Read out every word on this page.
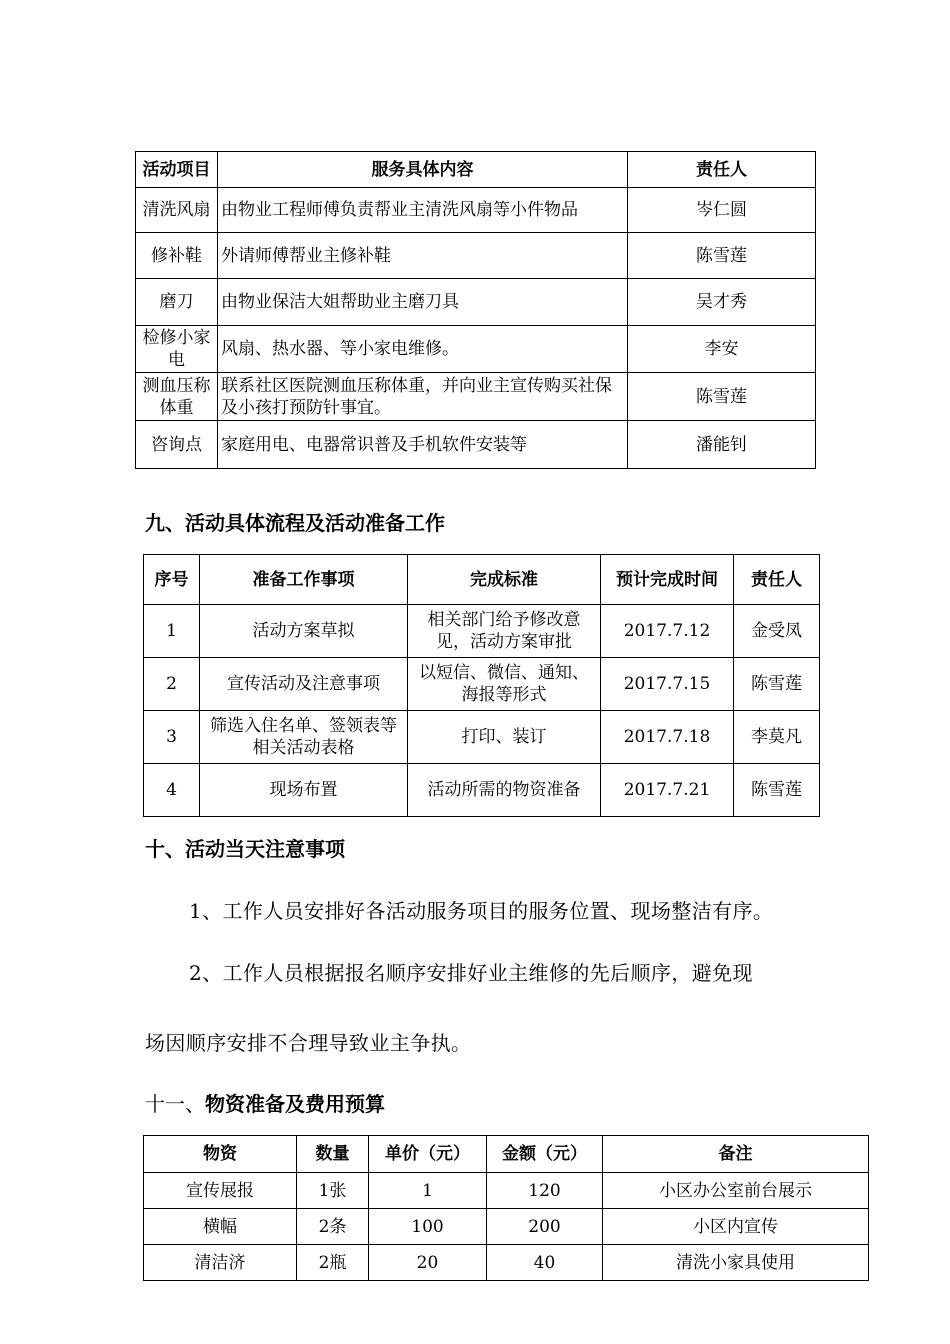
活动项目	服务具体内容	责任人
清洗风扇	由物业工程师傅负责帮业主清洗风扇等小件物品	岑仁圆
修补鞋	外请师傅帮业主修补鞋	陈雪莲
磨刀	由物业保洁大姐帮助业主磨刀具	吴才秀
检修小家电	风扇、热水器、等小家电维修。	李安
测血压称体重	联系社区医院测血压称体重，并向业主宣传购买社保及小孩打预防针事宜。	陈雪莲
咨询点	家庭用电、电器常识普及手机软件安装等	潘能钊
九、活动具体流程及活动准备工作
序号	准备工作事项	完成标准	预计完成时间	责任人
1	活动方案草拟	相关部门给予修改意见，活动方案审批	2017.7.12	金受凤
2	宣传活动及注意事项	以短信、微信、通知、海报等形式	2017.7.15	陈雪莲
3	筛选入住名单、签领表等相关活动表格	打印、装订	2017.7.18	李莫凡
4	现场布置	活动所需的物资准备	2017.7.21	陈雪莲
十、活动当天注意事项
1、工作人员安排好各活动服务项目的服务位置、现场整洁有序。
2、工作人员根据报名顺序安排好业主维修的先后顺序，避免现
场因顺序安排不合理导致业主争执。
十一、物资准备及费用预算
物资	数量	单价（元）	金额（元）	备注
宣传展报	1张	1	120	小区办公室前台展示
横幅	2条	100	200	小区内宣传
清洁济	2瓶	20	40	清洗小家具使用
